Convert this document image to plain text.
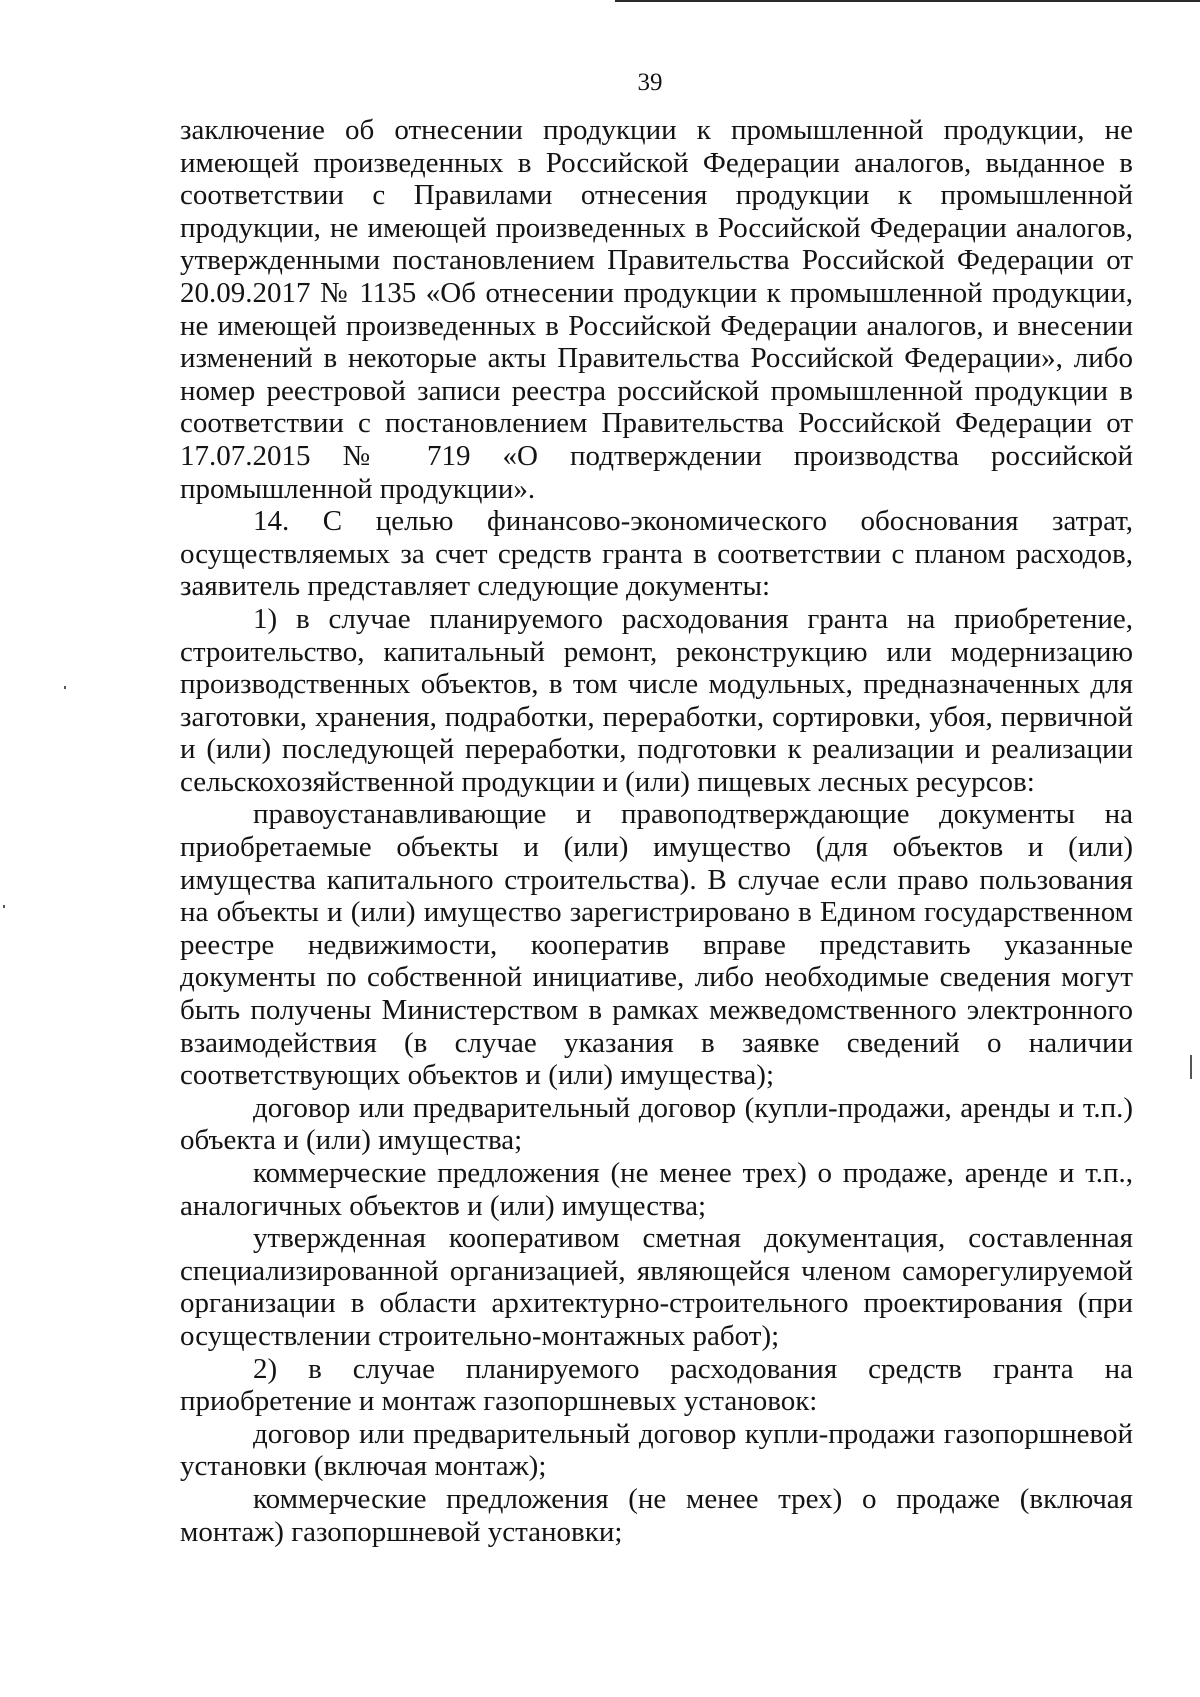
39

заключение об отнесении продукции к промышленной продукции, не имеющей произведенных в Российской Федерации аналогов, выданное в соответствии с Правилами отнесения продукции к промышленной продукции, не имеющей произведенных в Российской Федерации аналогов, утвержденными постановлением Правительства Российской Федерации от 20.09.2017 № 1135 «Об отнесении продукции к промышленной продукции, не имеющей произведенных в Российской Федерации аналогов, и внесении изменений в некоторые акты Правительства Российской Федерации», либо номер реестровой записи реестра российской промышленной продукции в соответствии с постановлением Правительства Российской Федерации от 17.07.2015 № 719 «О подтверждении производства российской промышленной продукции».

14. С целью финансово-экономического обоснования затрат, осуществляемых за счет средств гранта в соответствии с планом расходов, заявитель представляет следующие документы:

1) в случае планируемого расходования гранта на приобретение, строительство, капитальный ремонт, реконструкцию или модернизацию производственных объектов, в том числе модульных, предназначенных для заготовки, хранения, подработки, переработки, сортировки, убоя, первичной и (или) последующей переработки, подготовки к реализации и реализации сельскохозяйственной продукции и (или) пищевых лесных ресурсов:

правоустанавливающие и правоподтверждающие документы на приобретаемые объекты и (или) имущество (для объектов и (или) имущества капитального строительства). В случае если право пользования на объекты и (или) имущество зарегистрировано в Едином государственном реестре недвижимости, кооператив вправе представить указанные документы по собственной инициативе, либо необходимые сведения могут быть получены Министерством в рамках межведомственного электронного взаимодействия (в случае указания в заявке сведений о наличии соответствующих объектов и (или) имущества);

договор или предварительный договор (купли-продажи, аренды и т.п.) объекта и (или) имущества;

коммерческие предложения (не менее трех) о продаже, аренде и т.п., аналогичных объектов и (или) имущества;

утвержденная кооперативом сметная документация, составленная специализированной организацией, являющейся членом саморегулируемой организации в области архитектурно-строительного проектирования (при осуществлении строительно-монтажных работ);

2) в случае планируемого расходования средств гранта на приобретение и монтаж газопоршневых установок:

договор или предварительный договор купли-продажи газопоршневой установки (включая монтаж);

коммерческие предложения (не менее трех) о продаже (включая монтаж) газопоршневой установки;
